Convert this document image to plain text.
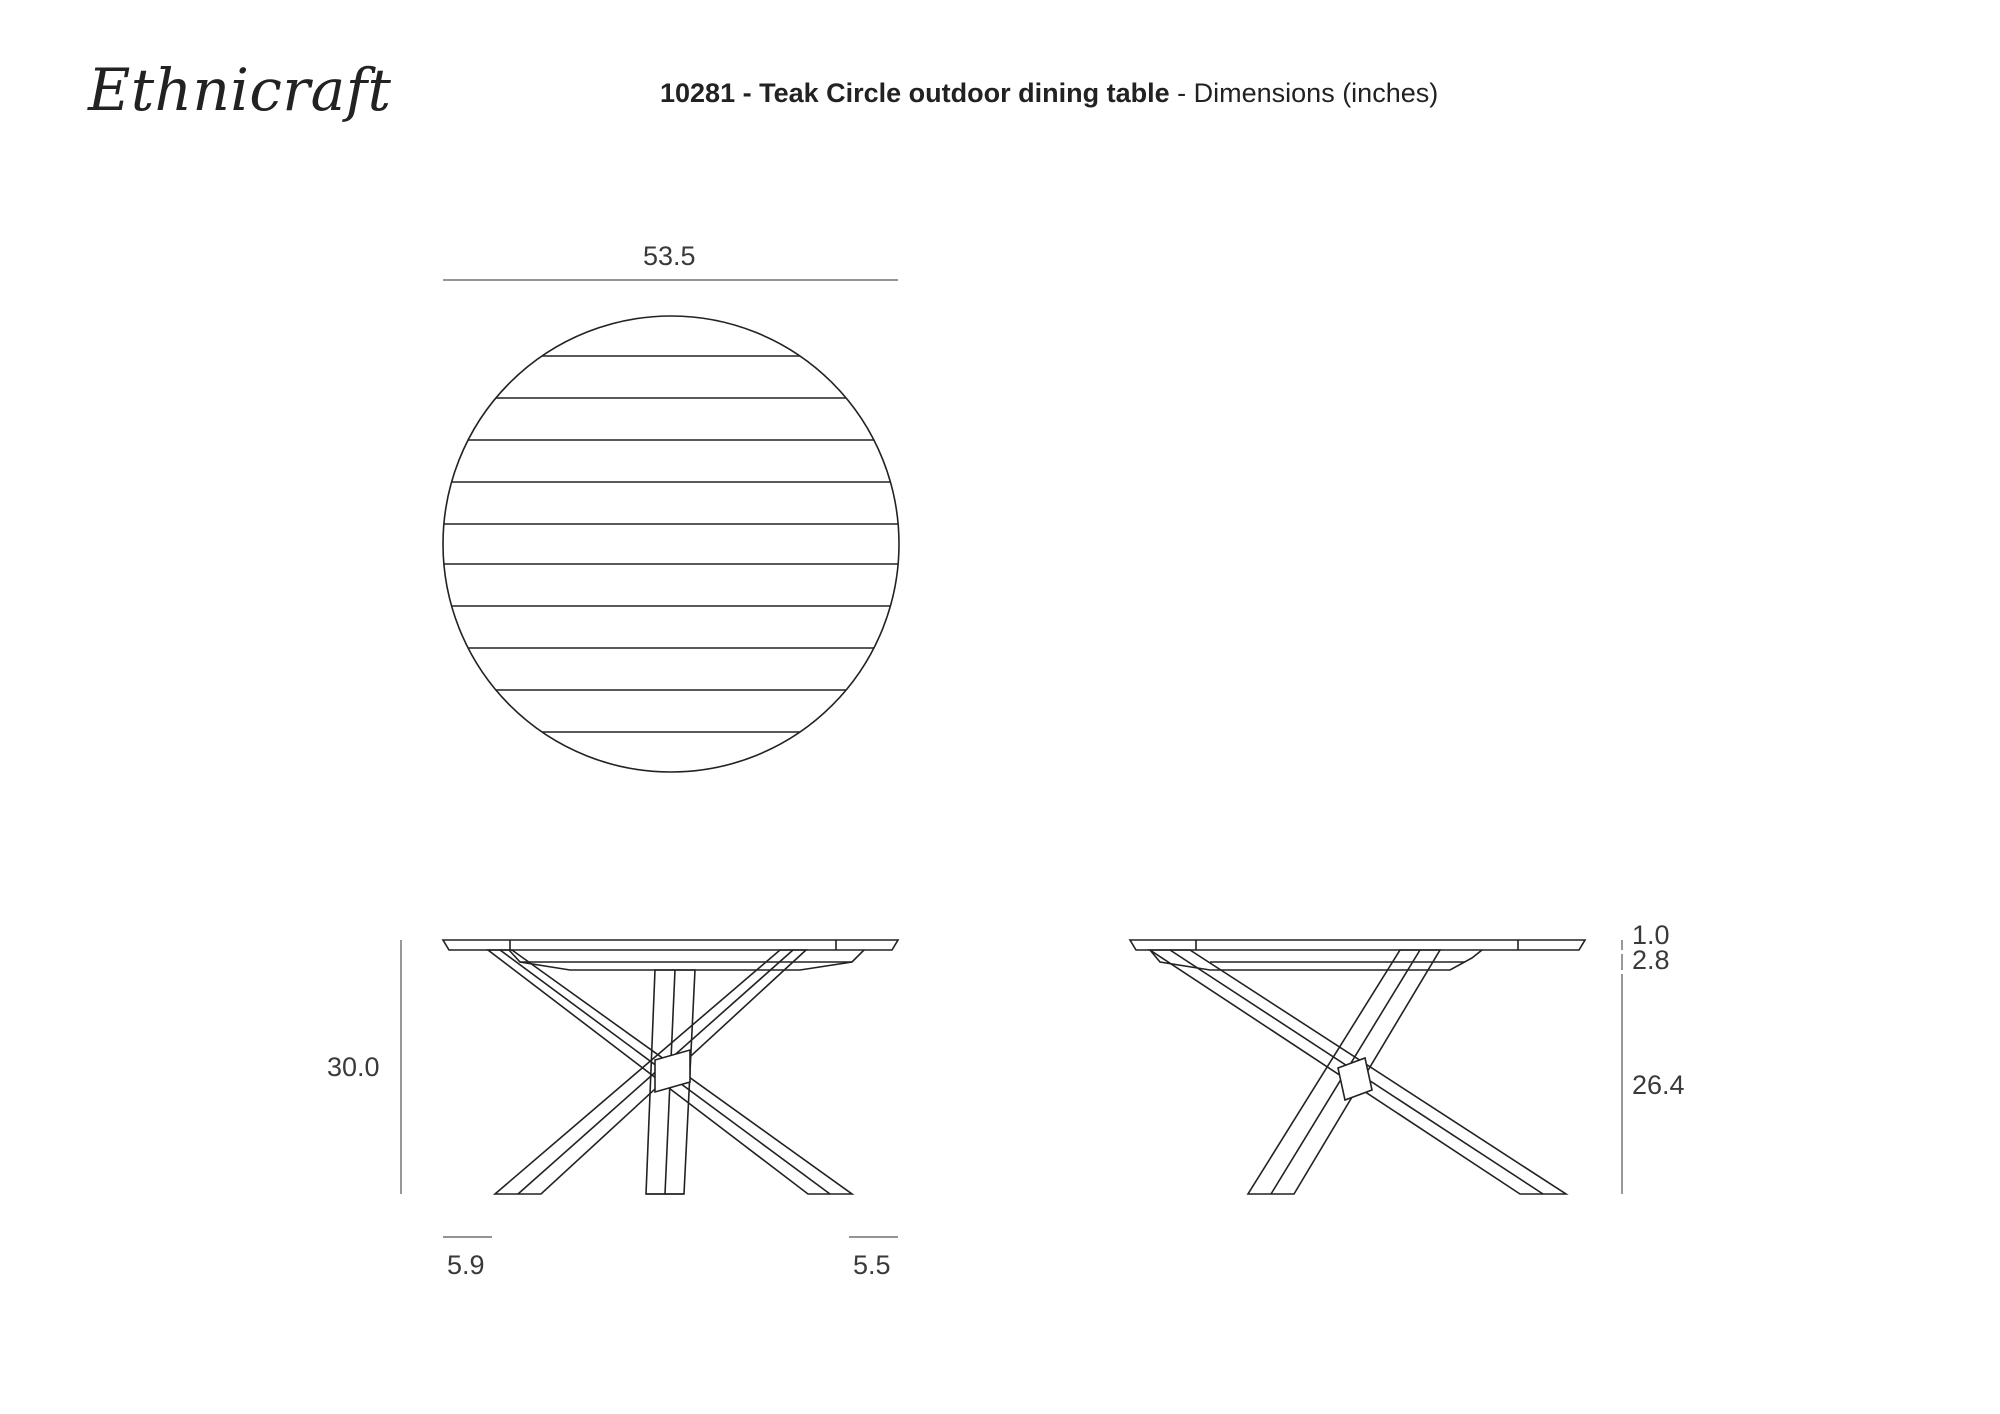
Ethnicraft	10281 - Teak Circle outdoor dining table - Dimensions (inches)
53.5
30.0
5.9	5.5
1.0
2.8
26.4
